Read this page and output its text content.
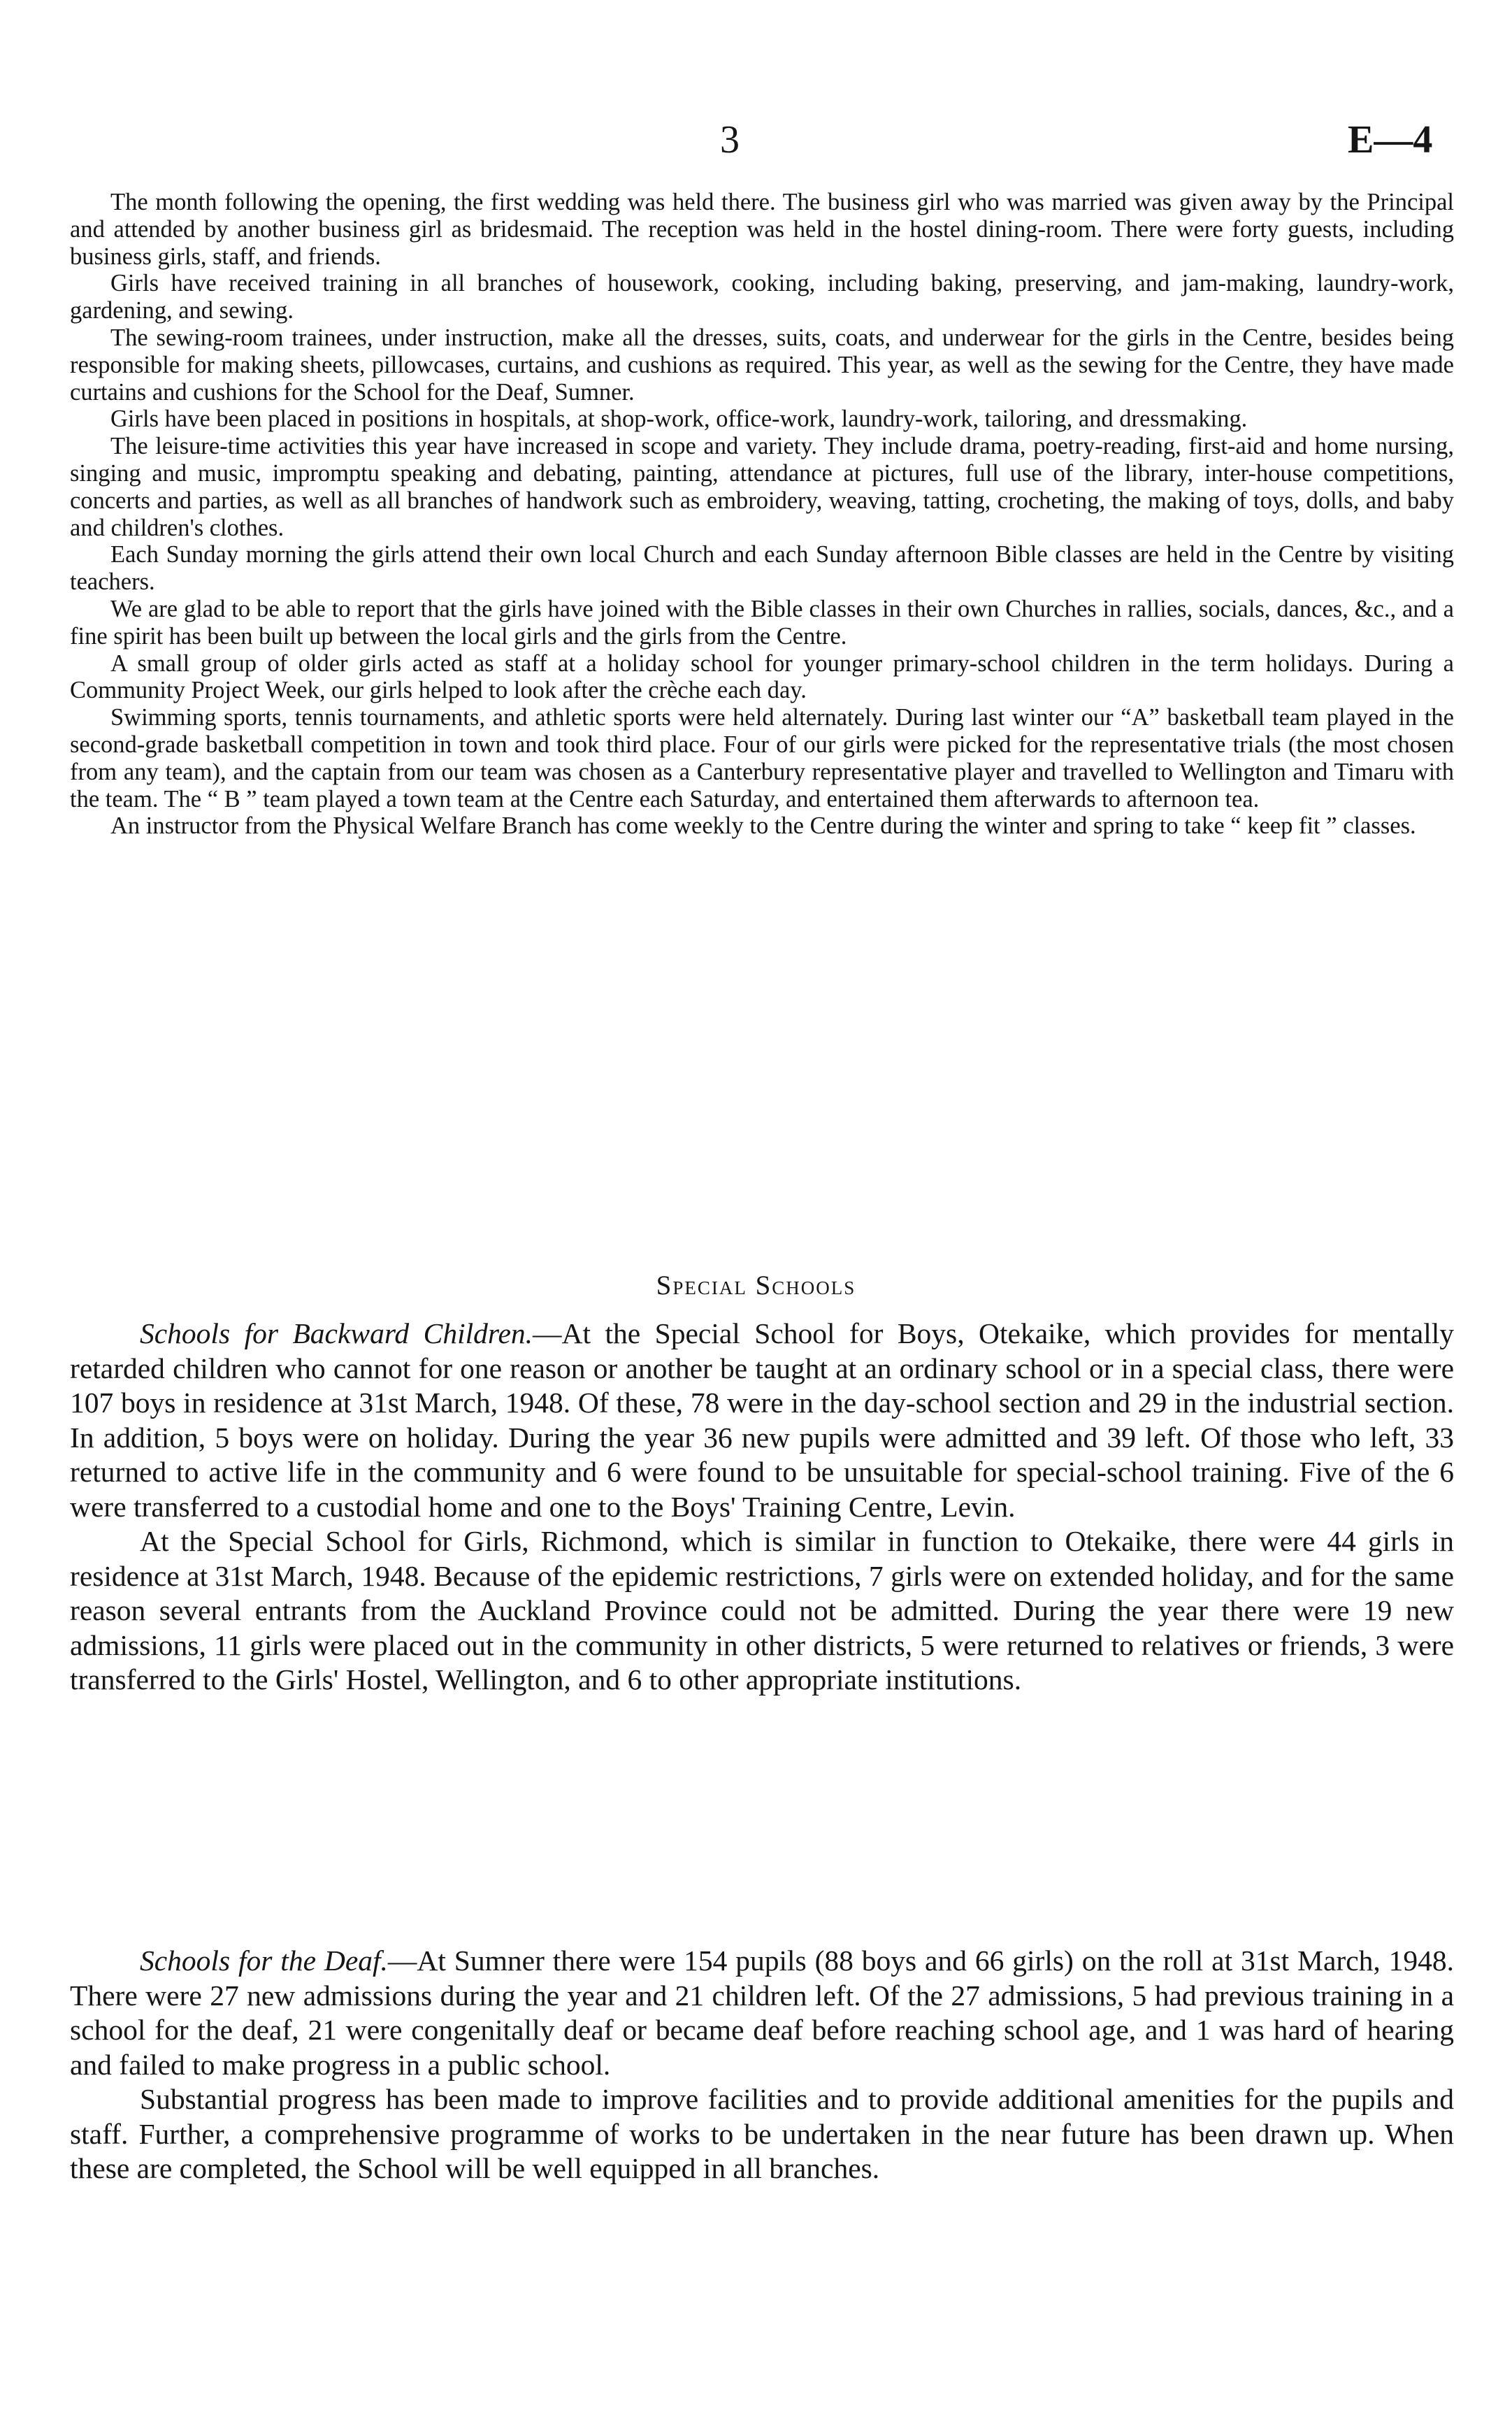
3	E—4

The month following the opening, the first wedding was held there. The business girl who was married was given away by the Principal and attended by another business girl as bridesmaid. The reception was held in the hostel dining-room. There were forty guests, including business girls, staff, and friends.

Girls have received training in all branches of housework, cooking, including baking, preserving, and jam-making, laundry-work, gardening, and sewing.

The sewing-room trainees, under instruction, make all the dresses, suits, coats, and underwear for the girls in the Centre, besides being responsible for making sheets, pillowcases, curtains, and cushions as required. This year, as well as the sewing for the Centre, they have made curtains and cushions for the School for the Deaf, Sumner.

Girls have been placed in positions in hospitals, at shop-work, office-work, laundry-work, tailoring, and dressmaking.

The leisure-time activities this year have increased in scope and variety. They include drama, poetry-reading, first-aid and home nursing, singing and music, impromptu speaking and debating, painting, attendance at pictures, full use of the library, inter-house competitions, concerts and parties, as well as all branches of handwork such as embroidery, weaving, tatting, crocheting, the making of toys, dolls, and baby and children's clothes.

Each Sunday morning the girls attend their own local Church and each Sunday afternoon Bible classes are held in the Centre by visiting teachers.

We are glad to be able to report that the girls have joined with the Bible classes in their own Churches in rallies, socials, dances, &c., and a fine spirit has been built up between the local girls and the girls from the Centre.

A small group of older girls acted as staff at a holiday school for younger primary-school children in the term holidays. During a Community Project Week, our girls helped to look after the crèche each day.

Swimming sports, tennis tournaments, and athletic sports were held alternately. During last winter our “A” basketball team played in the second-grade basketball competition in town and took third place. Four of our girls were picked for the representative trials (the most chosen from any team), and the captain from our team was chosen as a Canterbury representative player and travelled to Wellington and Timaru with the team. The “ B ” team played a town team at the Centre each Saturday, and entertained them afterwards to afternoon tea.

An instructor from the Physical Welfare Branch has come weekly to the Centre during the winter and spring to take “ keep fit ” classes.

Special Schools

Schools for Backward Children.—At the Special School for Boys, Otekaike, which provides for mentally retarded children who cannot for one reason or another be taught at an ordinary school or in a special class, there were 107 boys in residence at 31st March, 1948. Of these, 78 were in the day-school section and 29 in the industrial section. In addition, 5 boys were on holiday. During the year 36 new pupils were admitted and 39 left. Of those who left, 33 returned to active life in the community and 6 were found to be unsuitable for special-school training. Five of the 6 were transferred to a custodial home and one to the Boys' Training Centre, Levin.

At the Special School for Girls, Richmond, which is similar in function to Otekaike, there were 44 girls in residence at 31st March, 1948. Because of the epidemic restrictions, 7 girls were on extended holiday, and for the same reason several entrants from the Auckland Province could not be admitted. During the year there were 19 new admissions, 11 girls were placed out in the community in other districts, 5 were returned to relatives or friends, 3 were transferred to the Girls' Hostel, Wellington, and 6 to other appropriate institutions.

Schools for the Deaf.—At Sumner there were 154 pupils (88 boys and 66 girls) on the roll at 31st March, 1948. There were 27 new admissions during the year and 21 children left. Of the 27 admissions, 5 had previous training in a school for the deaf, 21 were congenitally deaf or became deaf before reaching school age, and 1 was hard of hearing and failed to make progress in a public school.

Substantial progress has been made to improve facilities and to provide additional amenities for the pupils and staff. Further, a comprehensive programme of works to be undertaken in the near future has been drawn up. When these are completed, the School will be well equipped in all branches.
